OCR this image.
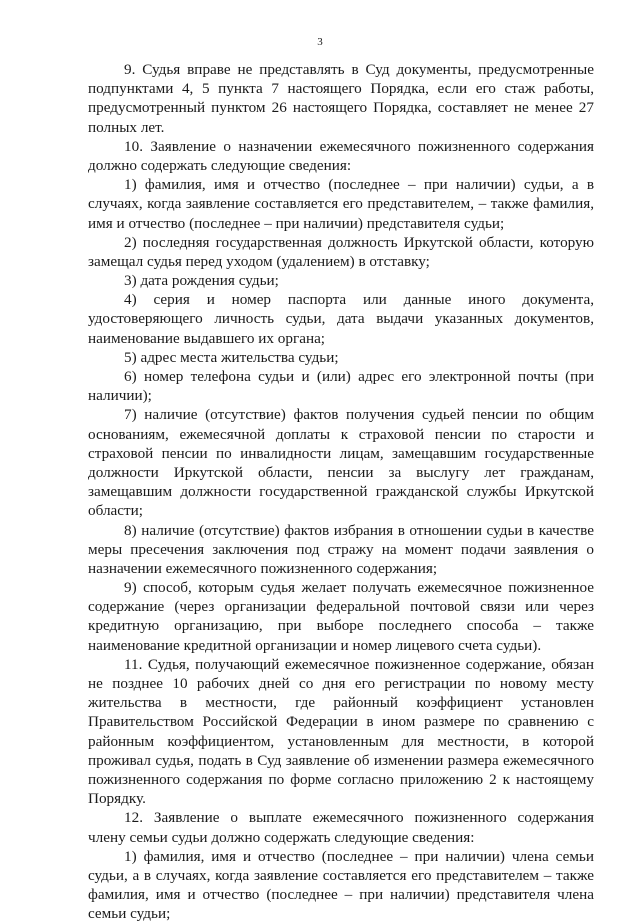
3
9. Судья вправе не представлять в Суд документы, предусмотренные
подпунктами 4, 5 пункта 7 настоящего Порядка, если его стаж работы,
предусмотренный пунктом 26 настоящего Порядка, составляет не менее 27
полных лет.
10. Заявление о назначении ежемесячного пожизненного содержания
должно содержать следующие сведения:
1) фамилия, имя и отчество (последнее – при наличии) судьи, а в
случаях, когда заявление составляется его представителем, – также фамилия,
имя и отчество (последнее – при наличии) представителя судьи;
2) последняя государственная должность Иркутской области, которую
замещал судья перед уходом (удалением) в отставку;
3) дата рождения судьи;
4) серия и номер паспорта или данные иного документа,
удостоверяющего личность судьи, дата выдачи указанных документов,
наименование выдавшего их органа;
5) адрес места жительства судьи;
6) номер телефона судьи и (или) адрес его электронной почты (при
наличии);
7) наличие (отсутствие) фактов получения судьей пенсии по общим
основаниям, ежемесячной доплаты к страховой пенсии по старости и
страховой пенсии по инвалидности лицам, замещавшим государственные
должности Иркутской области, пенсии за выслугу лет гражданам,
замещавшим должности государственной гражданской службы Иркутской
области;
8) наличие (отсутствие) фактов избрания в отношении судьи в качестве
меры пресечения заключения под стражу на момент подачи заявления о
назначении ежемесячного пожизненного содержания;
9) способ, которым судья желает получать ежемесячное пожизненное
содержание (через организации федеральной почтовой связи или через
кредитную организацию, при выборе последнего способа – также
наименование кредитной организации и номер лицевого счета судьи).
11. Судья, получающий ежемесячное пожизненное содержание, обязан
не позднее 10 рабочих дней со дня его регистрации по новому месту
жительства в местности, где районный коэффициент установлен
Правительством Российской Федерации в ином размере по сравнению с
районным коэффициентом, установленным для местности, в которой
проживал судья, подать в Суд заявление об изменении размера ежемесячного
пожизненного содержания по форме согласно приложению 2 к настоящему
Порядку.
12. Заявление о выплате ежемесячного пожизненного содержания
члену семьи судьи должно содержать следующие сведения:
1) фамилия, имя и отчество (последнее – при наличии) члена семьи
судьи, а в случаях, когда заявление составляется его представителем – также
фамилия, имя и отчество (последнее – при наличии) представителя члена
семьи судьи;
